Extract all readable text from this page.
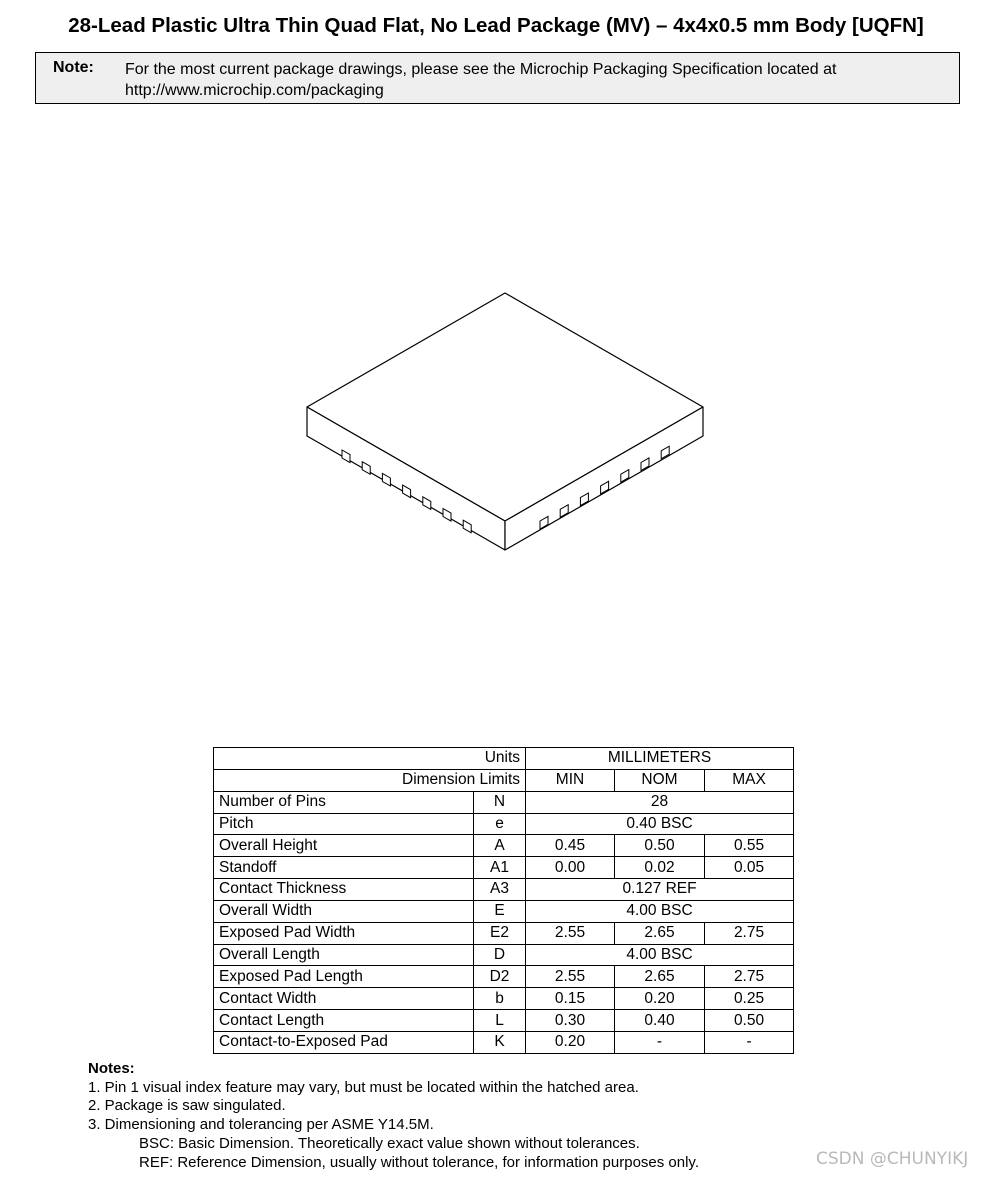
28-Lead Plastic Ultra Thin Quad Flat, No Lead Package (MV) – 4x4x0.5 mm Body [UQFN]
Note: For the most current package drawings, please see the Microchip Packaging Specification located at
http://www.microchip.com/packaging
Units		MILLIMETERS		
Dimension Limits		MIN	NOM	MAX
Number of Pins	N	28		
Pitch	e	0.40 BSC		
Overall Height	A	0.45	0.50	0.55
Standoff	A1	0.00	0.02	0.05
Contact Thickness	A3	0.127 REF		
Overall Width	E	4.00 BSC		
Exposed Pad Width	E2	2.55	2.65	2.75
Overall Length	D	4.00 BSC		
Exposed Pad Length	D2	2.55	2.65	2.75
Contact Width	b	0.15	0.20	0.25
Contact Length	L	0.30	0.40	0.50
Contact-to-Exposed Pad	K	0.20	-	-
Notes:
1. Pin 1 visual index feature may vary, but must be located within the hatched area.
2. Package is saw singulated.
3. Dimensioning and tolerancing per ASME Y14.5M.
BSC: Basic Dimension. Theoretically exact value shown without tolerances.
REF: Reference Dimension, usually without tolerance, for information purposes only.	CSDN @CHUNYIKJ
